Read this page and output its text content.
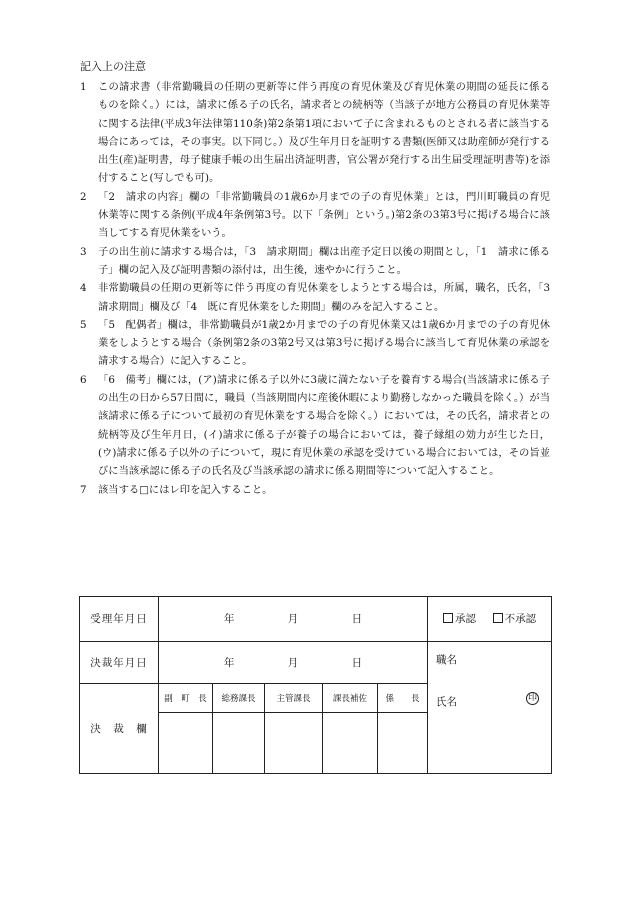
記入上の注意
1	この請求書（非常勤職員の任期の更新等に伴う再度の育児休業及び育児休業の期間の延長に係るものを除く。）には，請求に係る子の氏名，請求者との続柄等（当該子が地方公務員の育児休業等に関する法律(平成3年法律第110条)第2条第1項において子に含まれるものとされる者に該当する場合にあっては，その事実。以下同じ。）及び生年月日を証明する書類(医師又は助産師が発行する出生(産)証明書，母子健康手帳の出生届出済証明書，官公署が発行する出生届受理証明書等)を添付すること(写しでも可)。
2	「2　請求の内容」欄の「非常勤職員の1歳6か月までの子の育児休業」とは，門川町職員の育児休業等に関する条例(平成4年条例第3号。以下「条例」という。)第2条の3第3号に掲げる場合に該当してする育児休業をいう。
3	子の出生前に請求する場合は，「3　請求期間」欄は出産予定日以後の期間とし，「1　請求に係る子」欄の記入及び証明書類の添付は，出生後，速やかに行うこと。
4	非常勤職員の任期の更新等に伴う再度の育児休業をしようとする場合は，所属，職名，氏名，「3　請求期間」欄及び「4　既に育児休業をした期間」欄のみを記入すること。
5	「5　配偶者」欄は，非常勤職員が1歳2か月までの子の育児休業又は1歳6か月までの子の育児休業をしようとする場合（条例第2条の3第2号又は第3号に掲げる場合に該当して育児休業の承認を請求する場合）に記入すること。
6	「6　備考」欄には，(ア)請求に係る子以外に3歳に満たない子を養育する場合(当該請求に係る子の出生の日から57日間に，職員（当該期間内に産後休暇により勤務しなかった職員を除く。）が当該請求に係る子について最初の育児休業をする場合を除く。）においては，その氏名，請求者との続柄等及び生年月日，(イ)請求に係る子が養子の場合においては，養子縁組の効力が生じた日，(ウ)請求に係る子以外の子について，現に育児休業の承認を受けている場合においては，その旨並びに当該承認に係る子の氏名及び当該承認の請求に係る期間等について記入すること。
7	該当する□にはレ印を記入すること。
受理年月日	年 月 日					承認 不承認
決裁年月日	年 月 日					職名
氏名 印

決　裁　欄	副　町　長	総務課長	主管課長	課長補佐	係　　長	
